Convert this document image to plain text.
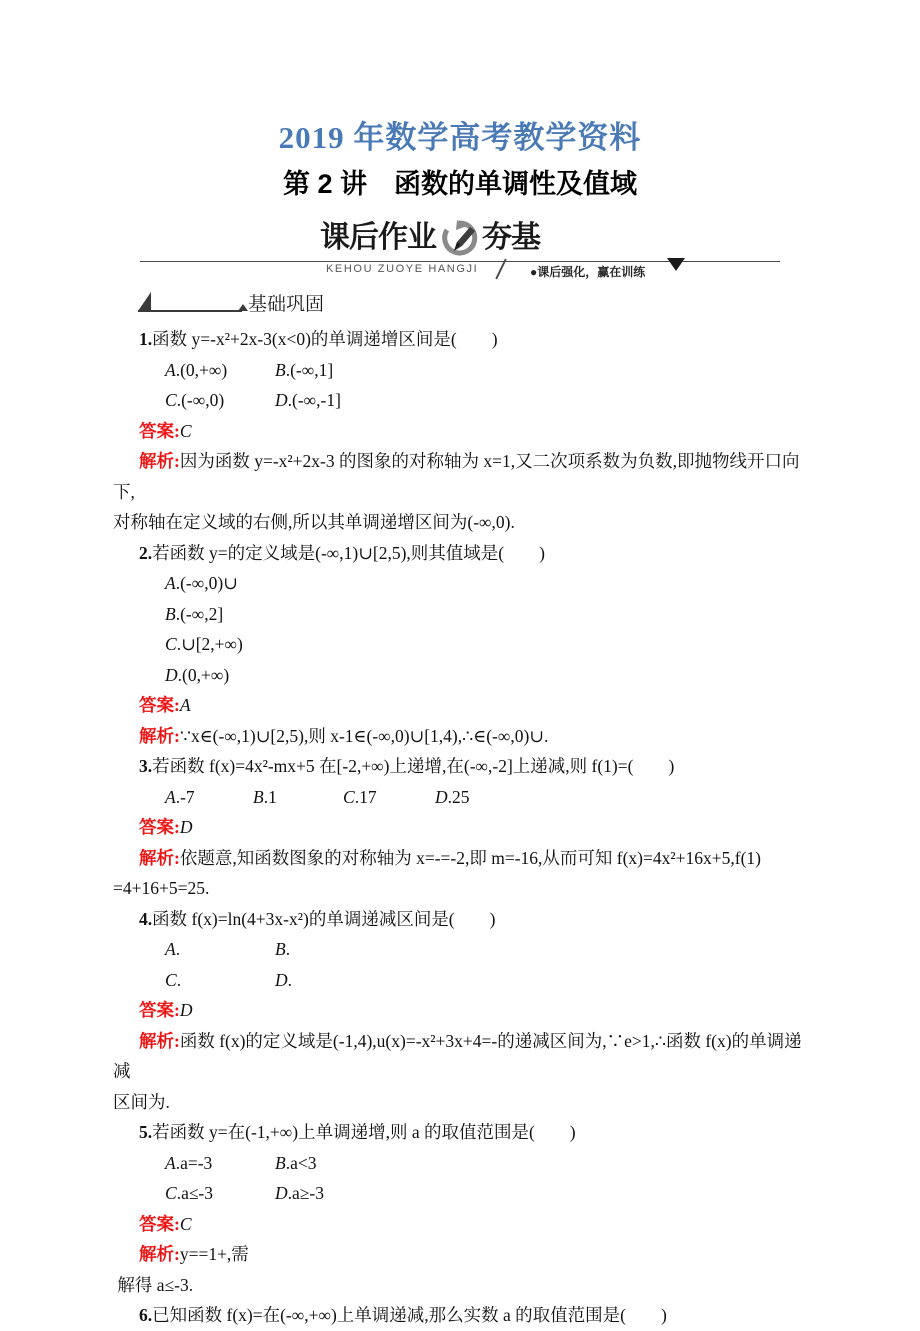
2019 年数学高考教学资料
第 2 讲　函数的单调性及值域
课后作业 夯基
KEHOU ZUOYE HANGJI	●课后强化，赢在训练
基础巩固
1.函数 y=-x²+2x-3(x<0)的单调递增区间是(        )
A.(0,+∞)	B.(-∞,1]
C.(-∞,0)	D.(-∞,-1]
答案:C
解析:因为函数 y=-x²+2x-3 的图象的对称轴为 x=1,又二次项系数为负数,即抛物线开口向下,
对称轴在定义域的右侧,所以其单调递增区间为(-∞,0).
2.若函数 y=的定义域是(-∞,1)∪[2,5),则其值域是(        )
A.(-∞,0)∪
B.(-∞,2]
C.∪[2,+∞)
D.(0,+∞)
答案:A
解析:∵x∈(-∞,1)∪[2,5),则 x-1∈(-∞,0)∪[1,4),∴∈(-∞,0)∪.
3.若函数 f(x)=4x²-mx+5 在[-2,+∞)上递增,在(-∞,-2]上递减,则 f(1)=(        )
A.-7	B.1	C.17	D.25
答案:D
解析:依题意,知函数图象的对称轴为 x=-=-2,即 m=-16,从而可知 f(x)=4x²+16x+5,f(1)
=4+16+5=25.
4.函数 f(x)=ln(4+3x-x²)的单调递减区间是(        )
A.	B.
C.	D.
答案:D
解析:函数 f(x)的定义域是(-1,4),u(x)=-x²+3x+4=-的递减区间为,∵e>1,∴函数 f(x)的单调递减
区间为.
5.若函数 y=在(-1,+∞)上单调递增,则 a 的取值范围是(        )
A.a=-3	B.a<3
C.a≤-3	D.a≥-3
答案:C
解析:y==1+,需
解得 a≤-3.
6.已知函数 f(x)=在(-∞,+∞)上单调递减,那么实数 a 的取值范围是(        )
